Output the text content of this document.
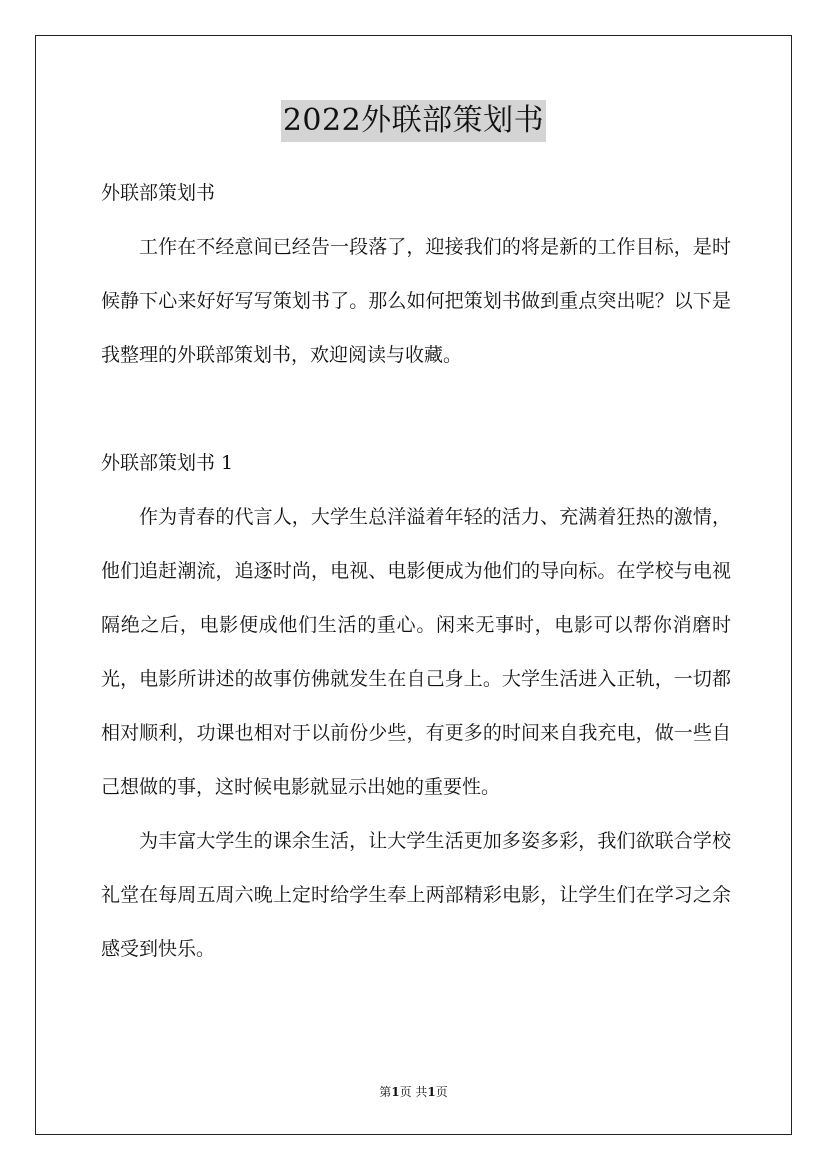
2022外联部策划书

外联部策划书

工作在不经意间已经告一段落了，迎接我们的将是新的工作目标，是时候静下心来好好写写策划书了。那么如何把策划书做到重点突出呢？以下是我整理的外联部策划书，欢迎阅读与收藏。

外联部策划书 1

作为青春的代言人，大学生总洋溢着年轻的活力、充满着狂热的激情，他们追赶潮流，追逐时尚，电视、电影便成为他们的导向标。在学校与电视隔绝之后，电影便成他们生活的重心。闲来无事时，电影可以帮你消磨时光，电影所讲述的故事仿佛就发生在自己身上。大学生活进入正轨，一切都相对顺利，功课也相对于以前份少些，有更多的时间来自我充电，做一些自己想做的事，这时候电影就显示出她的重要性。

为丰富大学生的课余生活，让大学生活更加多姿多彩，我们欲联合学校礼堂在每周五周六晚上定时给学生奉上两部精彩电影，让学生们在学习之余感受到快乐。

第1页 共1页
